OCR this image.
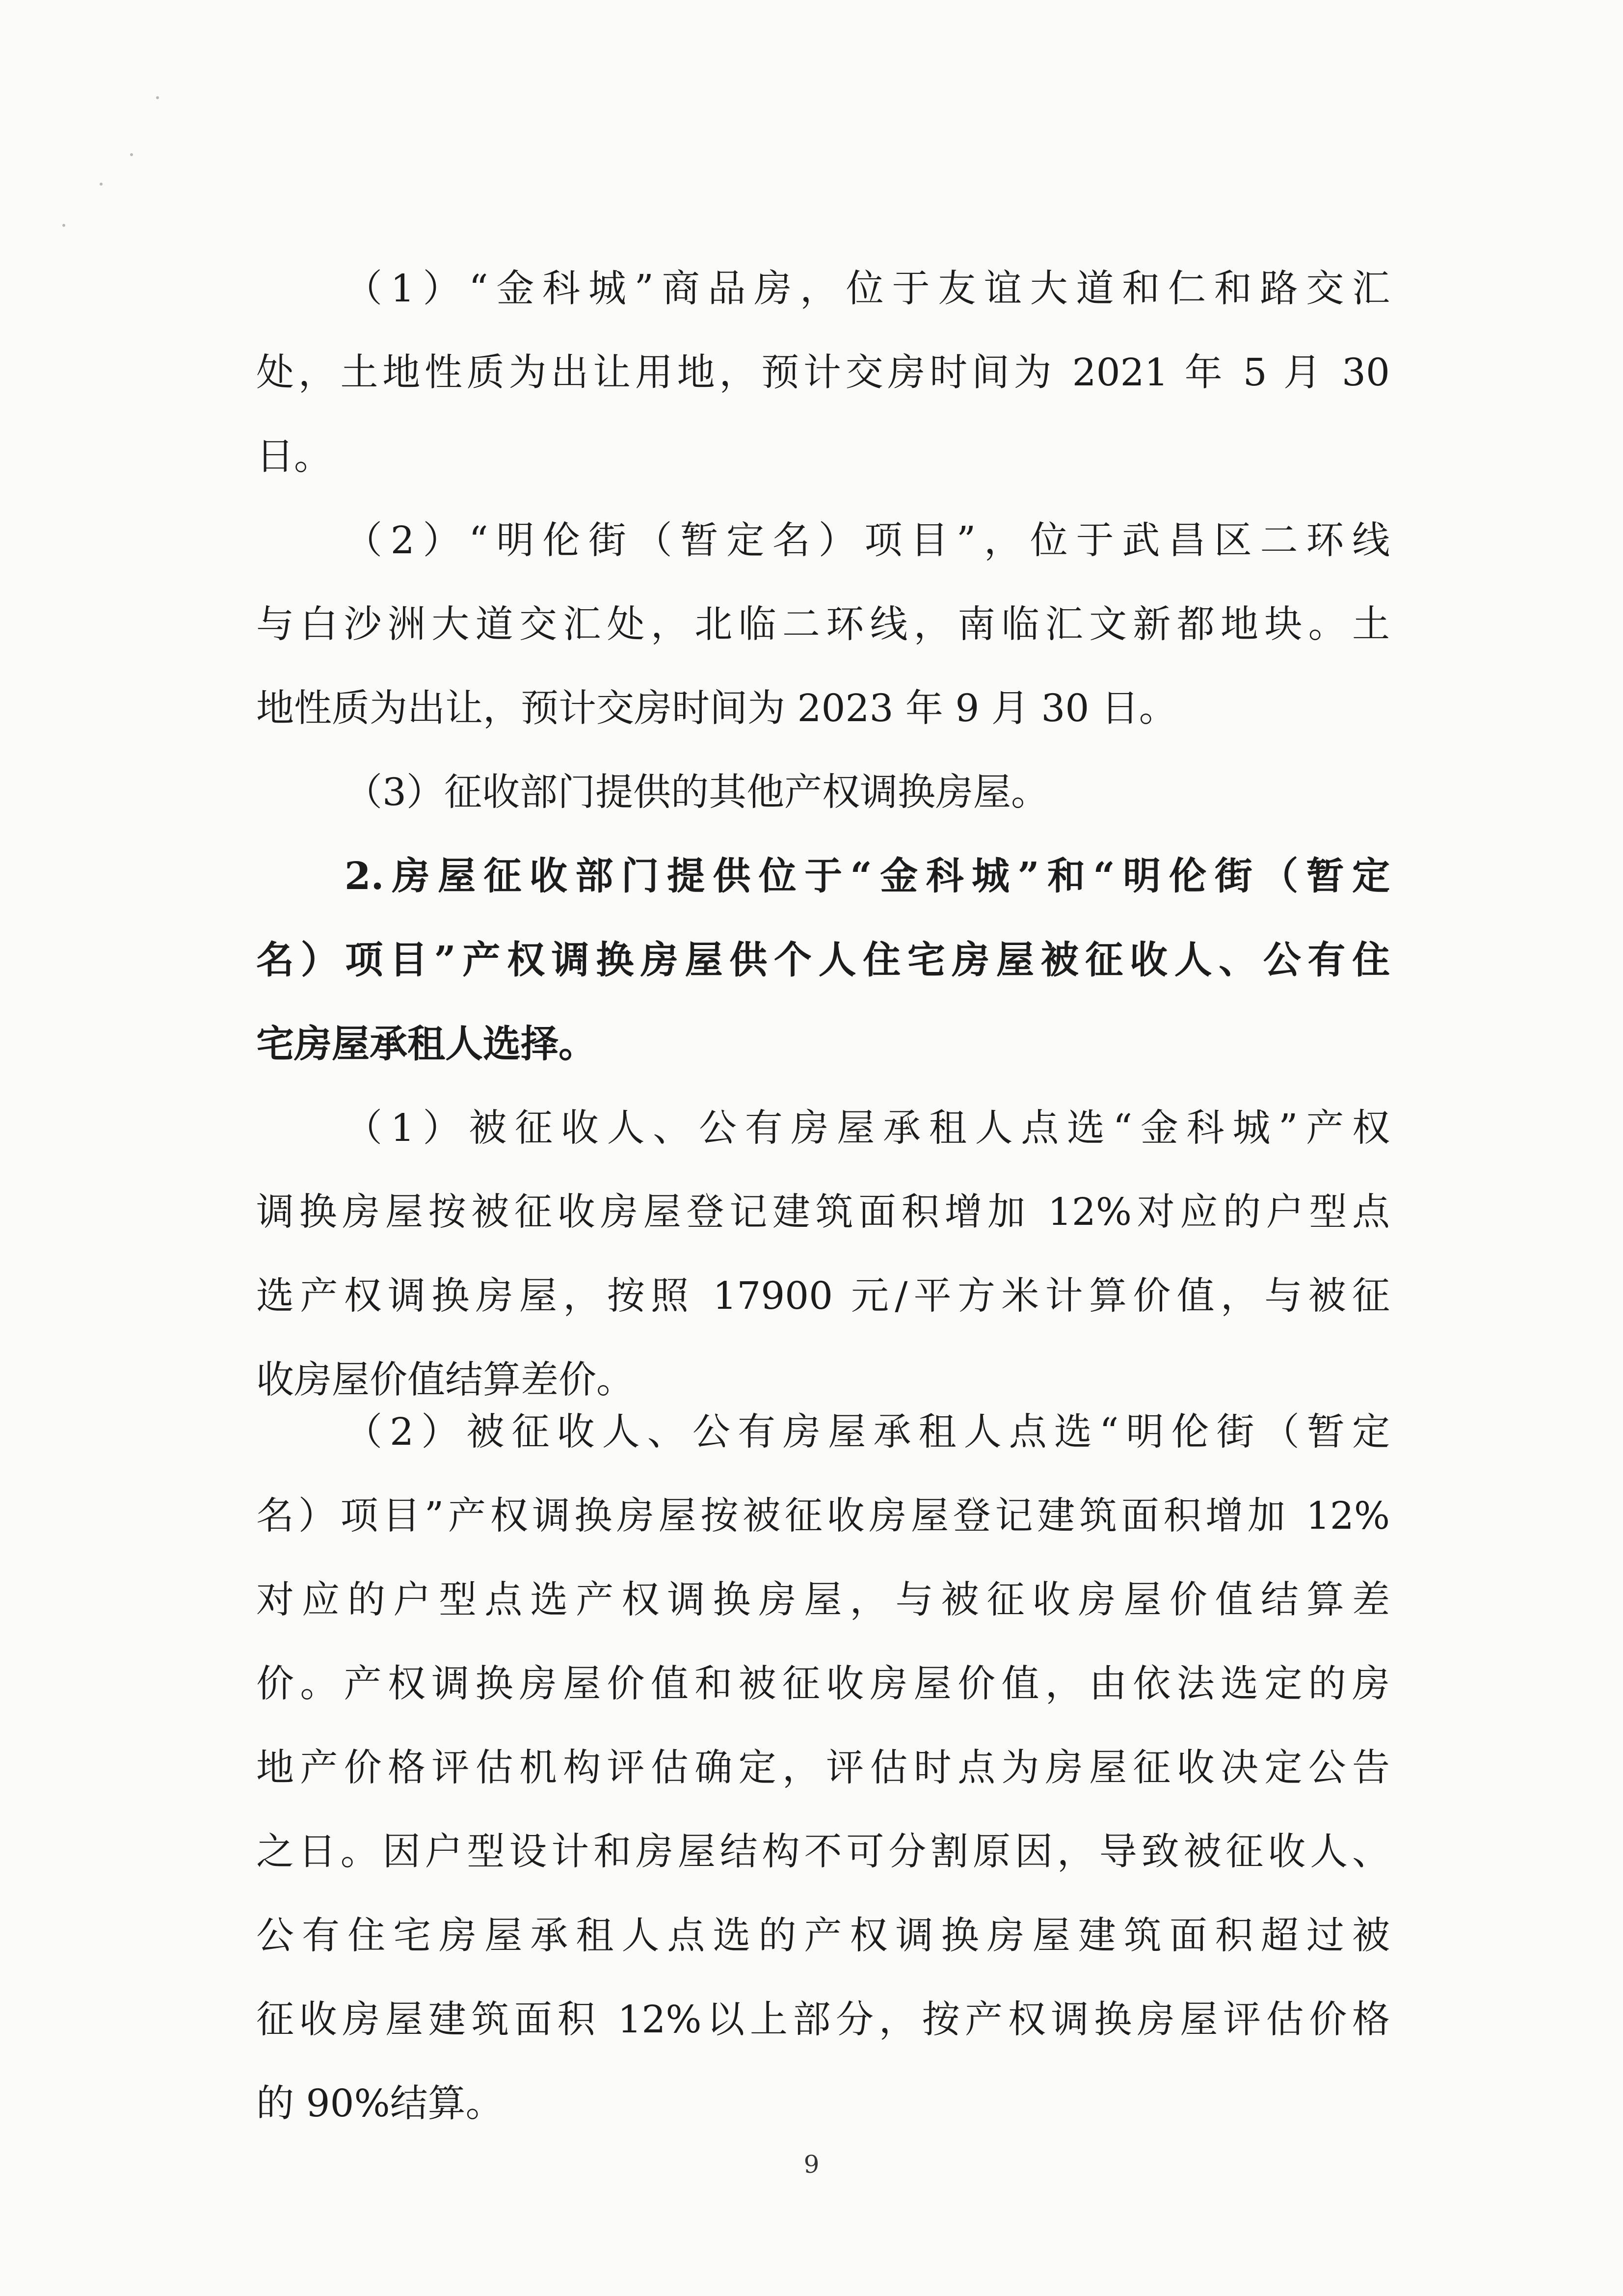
（1）“金科城”商品房，位于友谊大道和仁和路交汇
处，土地性质为出让用地，预计交房时间为 2021 年 5 月 30
日。
（2）“明伦街（暂定名）项目”，位于武昌区二环线
与白沙洲大道交汇处，北临二环线，南临汇文新都地块。土
地性质为出让，预计交房时间为 2023 年 9 月 30 日。
（3）征收部门提供的其他产权调换房屋。
2.房屋征收部门提供位于“金科城”和“明伦街（暂定
名）项目”产权调换房屋供个人住宅房屋被征收人、公有住
宅房屋承租人选择。
（1）被征收人、公有房屋承租人点选“金科城”产权
调换房屋按被征收房屋登记建筑面积增加 12%对应的户型点
选产权调换房屋，按照 17900 元/平方米计算价值，与被征
收房屋价值结算差价。
（2）被征收人、公有房屋承租人点选“明伦街（暂定
名）项目”产权调换房屋按被征收房屋登记建筑面积增加 12%
对应的户型点选产权调换房屋，与被征收房屋价值结算差
价。产权调换房屋价值和被征收房屋价值，由依法选定的房
地产价格评估机构评估确定，评估时点为房屋征收决定公告
之日。因户型设计和房屋结构不可分割原因，导致被征收人、
公有住宅房屋承租人点选的产权调换房屋建筑面积超过被
征收房屋建筑面积 12%以上部分，按产权调换房屋评估价格
的 90%结算。
9
